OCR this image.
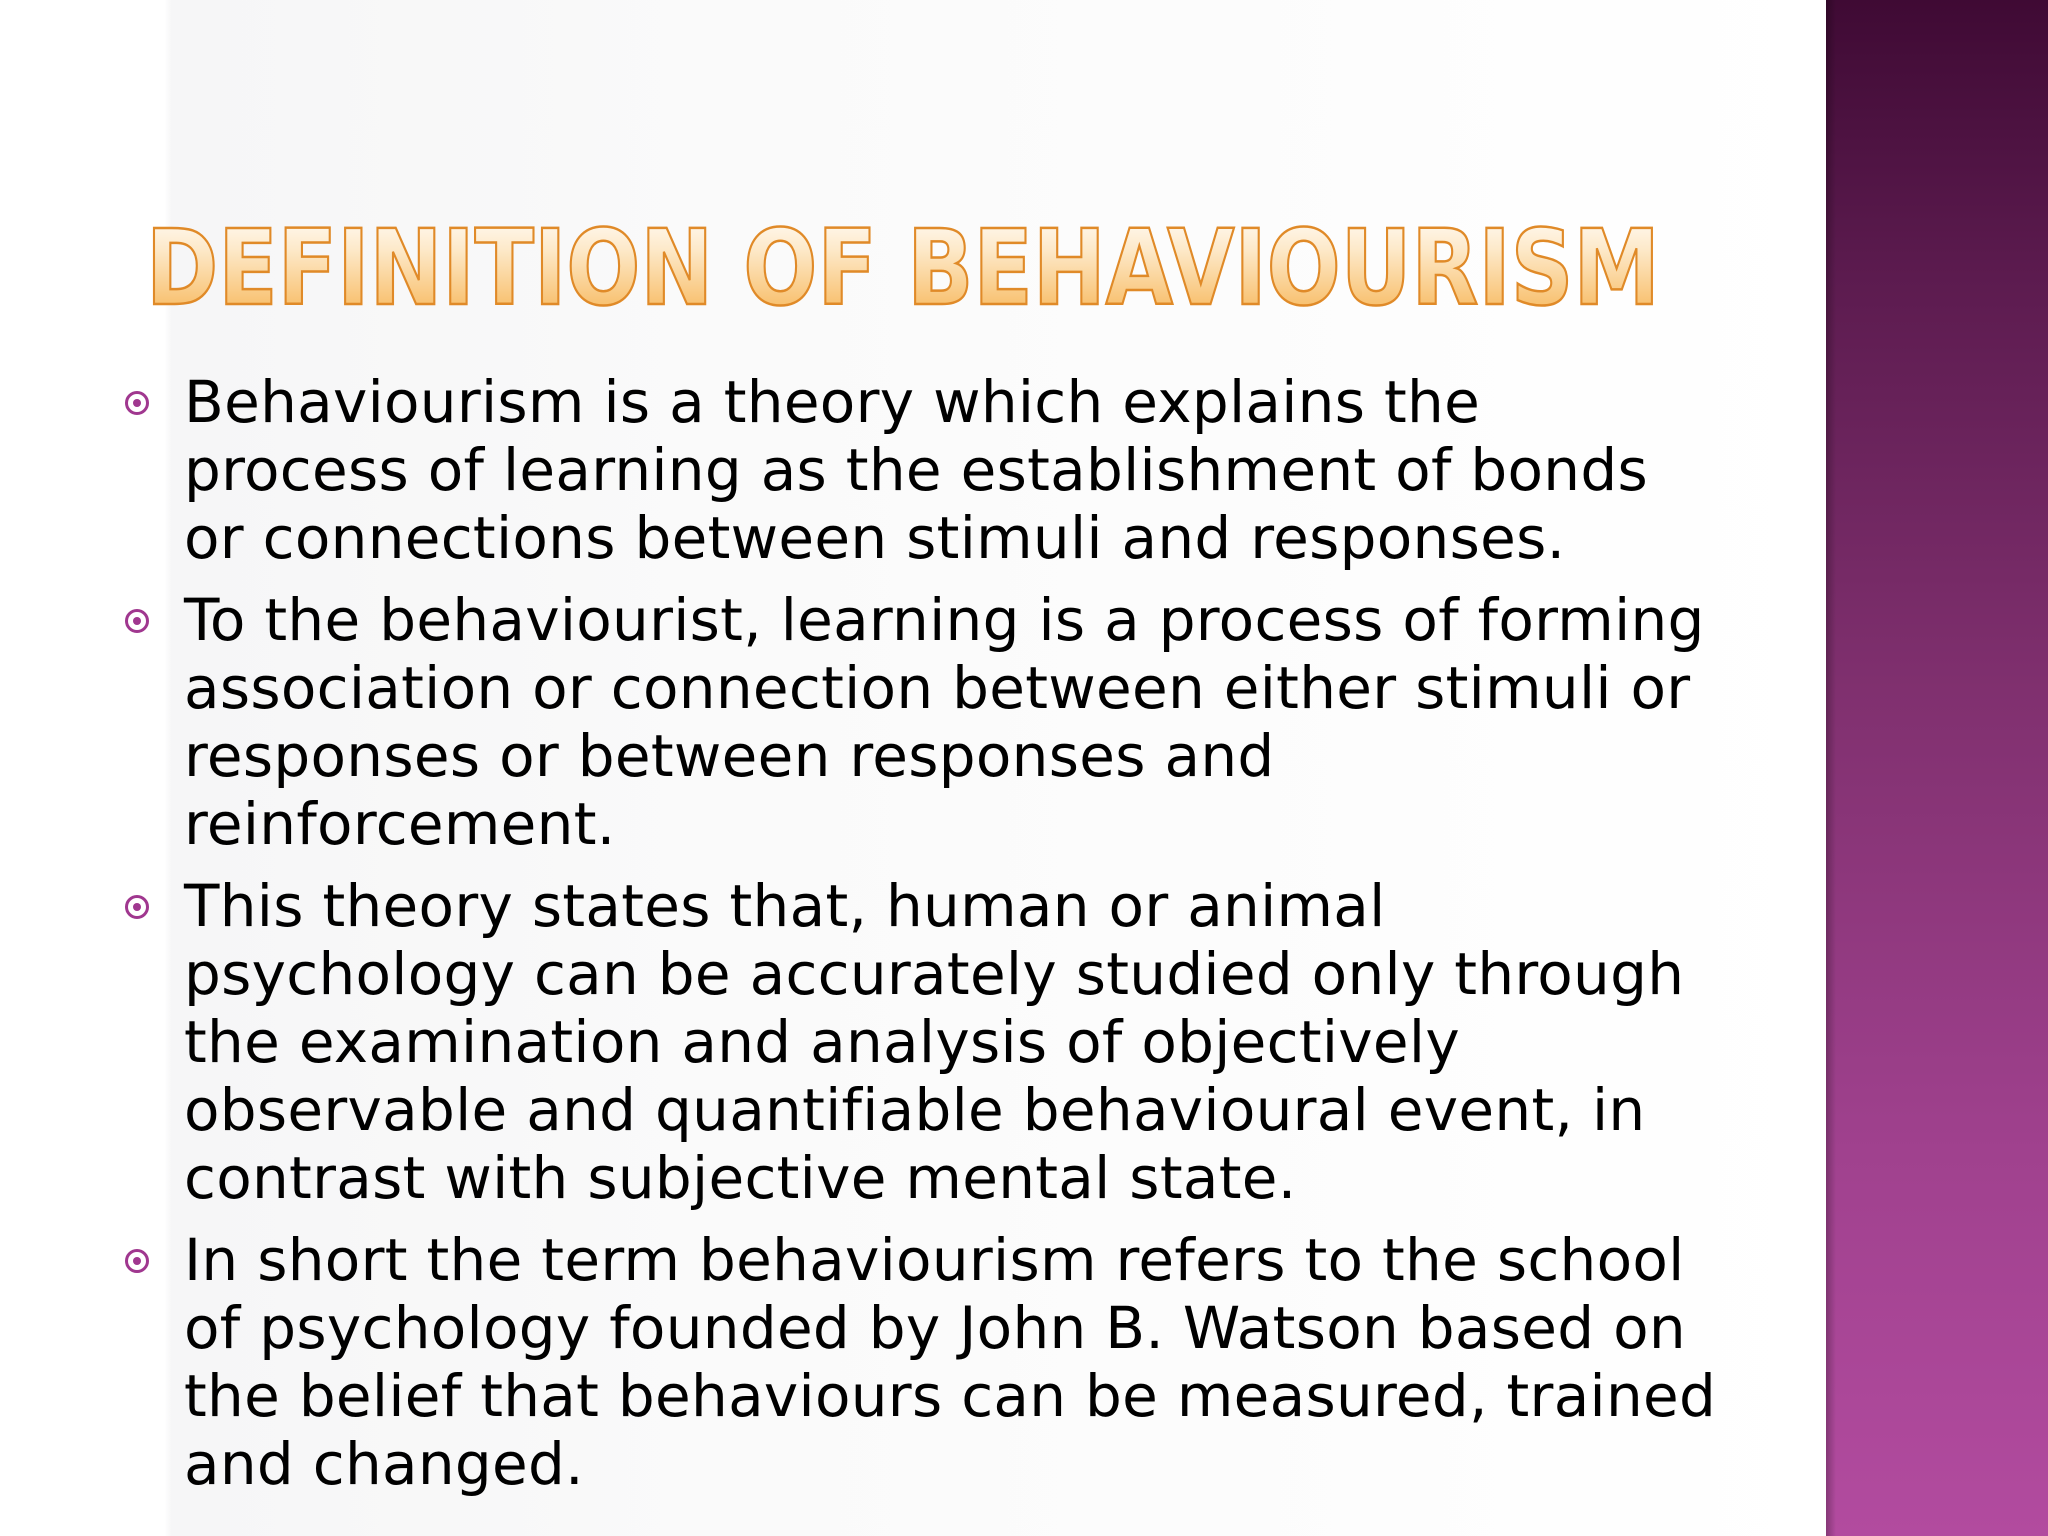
DEFINITION OF BEHAVIOURISM
Behaviourism is a theory which explains the process of learning as the establishment of bonds or connections between stimuli and responses.
To the behaviourist, learning is a process of forming association or connection between either stimuli or responses or between responses and reinforcement.
This theory states that, human or animal psychology can be accurately studied only through the examination and analysis of objectively observable and quantifiable behavioural event, in contrast with subjective mental state.
In short the term behaviourism refers to the school of psychology founded by John B. Watson based on the belief that behaviours can be measured, trained and changed.
